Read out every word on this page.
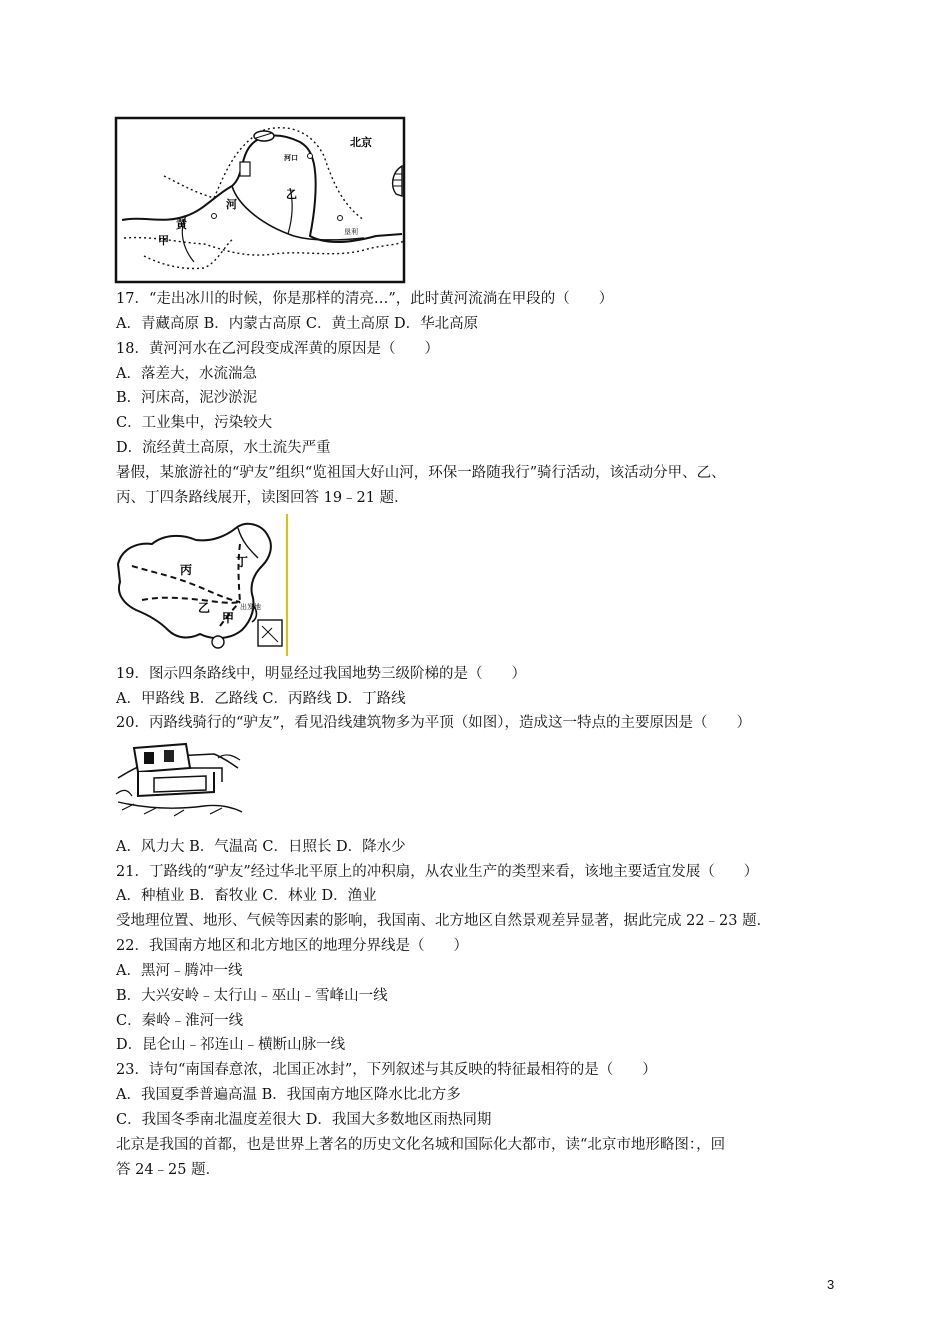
北京
河口
河
乙
黄
甲
垦利
17．“走出冰川的时候，你是那样的清亮…”，此时黄河流淌在甲段的（　　）
A．青藏高原 B．内蒙古高原 C．黄土高原 D．华北高原
18．黄河河水在乙河段变成浑黄的原因是（　　）
A．落差大，水流湍急
B．河床高，泥沙淤泥
C．工业集中，污染较大
D．流经黄土高原，水土流失严重
暑假，某旅游社的“驴友”组织“览祖国大好山河，环保一路随我行”骑行活动，该活动分甲、乙、
丙、丁四条路线展开，读图回答 19﹣21 题．
丙
丁
乙
甲
出发地
19．图示四条路线中，明显经过我国地势三级阶梯的是（　　）
A．甲路线 B．乙路线 C．丙路线 D．丁路线
20．丙路线骑行的“驴友”，看见沿线建筑物多为平顶（如图），造成这一特点的主要原因是（　　）
A．风力大 B．气温高 C．日照长 D．降水少
21．丁路线的“驴友”经过华北平原上的冲积扇，从农业生产的类型来看，该地主要适宜发展（　　）
A．种植业 B．畜牧业 C．林业 D．渔业
受地理位置、地形、气候等因素的影响，我国南、北方地区自然景观差异显著，据此完成 22﹣23 题．
22．我国南方地区和北方地区的地理分界线是（　　）
A．黑河﹣腾冲一线
B．大兴安岭﹣太行山﹣巫山﹣雪峰山一线
C．秦岭﹣淮河一线
D．昆仑山﹣祁连山﹣横断山脉一线
23．诗句“南国春意浓，北国正冰封”，下列叙述与其反映的特征最相符的是（　　）
A．我国夏季普遍高温 B．我国南方地区降水比北方多
C．我国冬季南北温度差很大 D．我国大多数地区雨热同期
北京是我国的首都，也是世界上著名的历史文化名城和国际化大都市，读“北京市地形略图：，回
答 24﹣25 题．
3
